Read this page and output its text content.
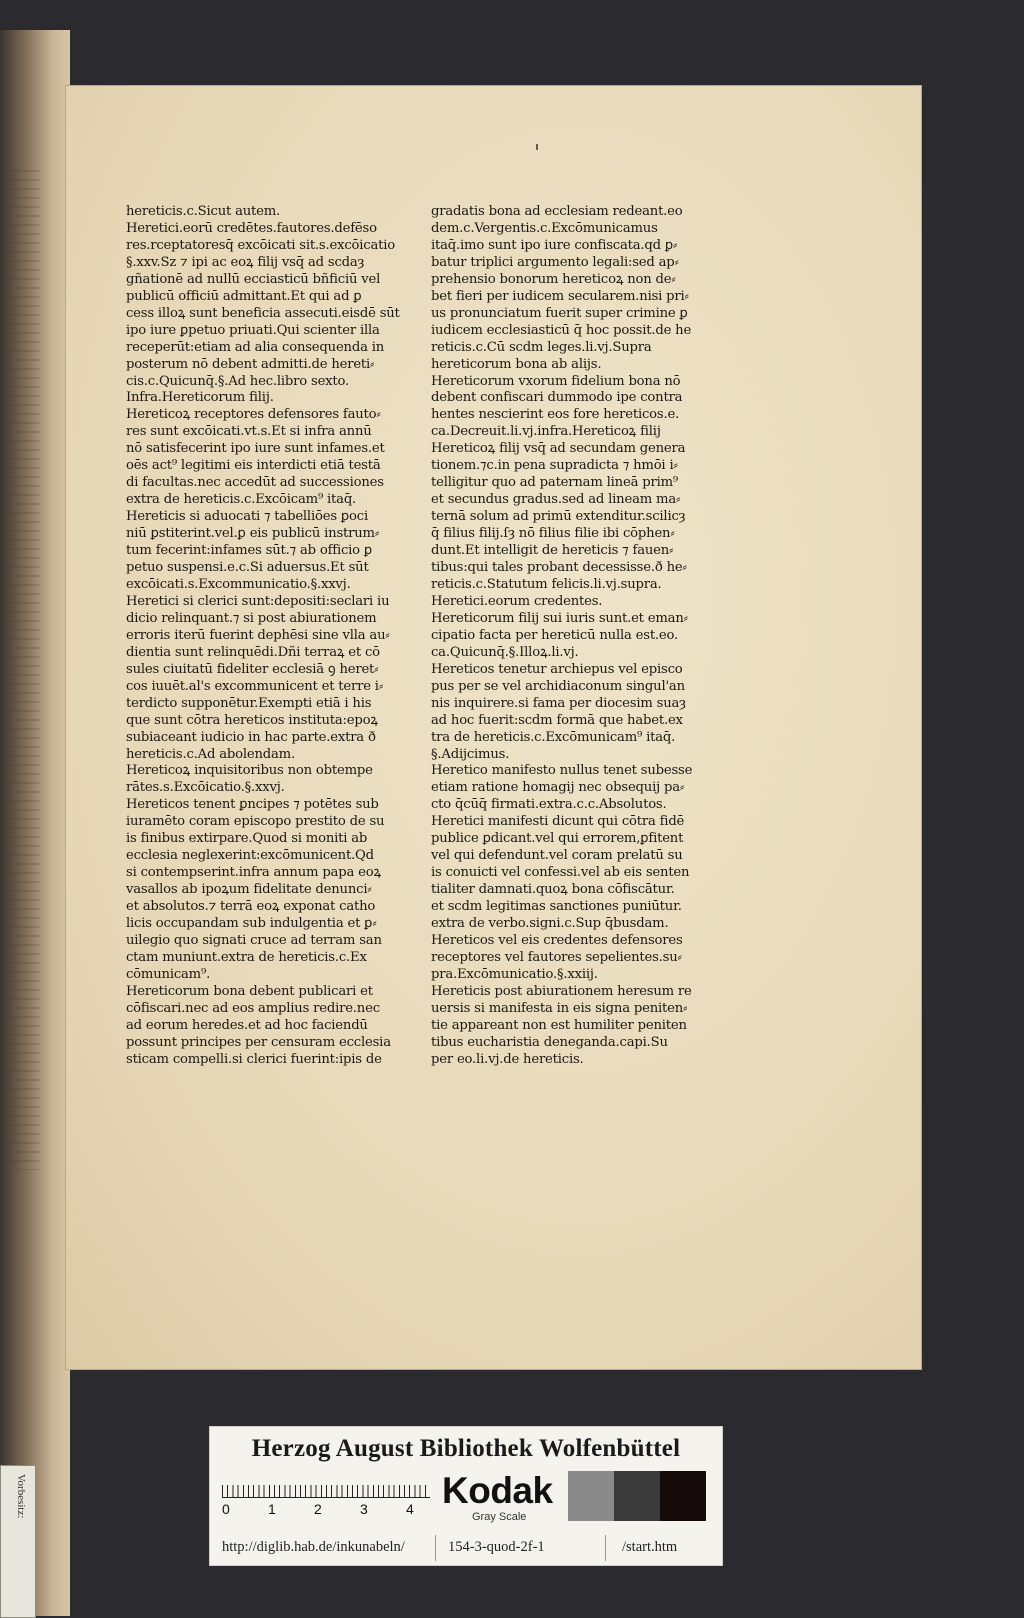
hereticis.c.Sicut autem.
Heretici.eorū credētes.fautores.defēso
res.rceptatoresq̄ excōicati sit.s.excōicatio
§.xxv.Sz ⁊ ipi ac eoꝝ filij vsq̄ ad scḋaȝ
gñationē ad nullū ecciasticū bñficiū vel
publicū officiū admittant.Et qui ad ꝑ
cess illoꝝ sunt beneficia assecuti.eisdē sūt
ipo iure ꝑpetuo priuati.Qui scienter illa
receperūt:etiam ad alia consequenda in
posterum nō debent admitti.de hereti⸗
cis.c.Quicunq̄.§.Ad hec.libro sexto.
Infra.Hereticorum filij.
Hereticoꝝ receptores defensores fauto⸗
res sunt excōicati.vt.s.Et si infra annū
nō satisfecerint ipo iure sunt infames.et
oēs act⁹ legitimi eis interdicti etiā testā
di facultas.nec accedūt ad successiones
extra de hereticis.c.Excōicam⁹ itaq̄.
Hereticis si aduocati ⁊ tabelliōes ꝑoci
niū ꝑstiterint.vel.ꝑ eis publicū instrum⸗
tum fecerint:infames sūt.⁊ ab officio ꝑ
petuo suspensi.e.c.Si aduersus.Et sūt
excōicati.s.Excommunicatio.§.xxvj.
Heretici si clerici sunt:depositi:seclari iu
dicio relinquant.⁊ si post abiurationem
erroris iterū fuerint dephēsi sine vlla au⸗
dientia sunt relinquēdi.Dñi terraꝝ et cō
sules ciuitatū fideliter ecclesiā ꝯ heret⸗
cos iuuēt.al's excommunicent et terre i⸗
terdicto supponētur.Exempti etiā i his
que sunt cōtra hereticos instituta:epoꝝ
subiaceant iudicio in hac parte.extra ð
hereticis.c.Ad abolendam.
Hereticoꝝ inquisitoribus non obtempe
rātes.s.Excōicatio.§.xxvj.
Hereticos tenent ꝑncipes ⁊ potētes sub
iuramēto coram episcopo prestito de su
is finibus extirpare.Quod si moniti ab
ecclesia neglexerint:excōmunicent.Qḋ
si contempserint.infra annum papa eoꝝ
vasallos ab ipoꝝum fidelitate denunci⸗
et absolutos.⁊ terrā eoꝝ exponat catho
licis occupandam sub indulgentia et ꝑ⸗
uilegio quo signati cruce ad terram san
ctam muniunt.extra de hereticis.c.Ex
cōmunicam⁹.
Hereticorum bona debent publicari et
cōfiscari.nec ad eos amplius redire.nec
ad eorum heredes.et ad hoc faciendū
possunt principes per censuram ecclesia
sticam compelli.si clerici fuerint:ipis de
gradatis bona ad ecclesiam redeant.eo
dem.c.Vergentis.c.Excōmunicamus
itaq̄.imo sunt ipo iure confiscata.qḋ ꝑ⸗
batur triplici argumento legali:sed ap⸗
prehensio bonorum hereticoꝝ non de⸗
bet fieri per iudicem secularem.nisi pri⸗
us pronunciatum fuerit super crimine ꝑ
iudicem ecclesiasticū q̄ hoc possit.de he
reticis.c.Cū scḋm leges.li.vj.Supra
hereticorum bona ab alijs.
Hereticorum vxorum fidelium bona nō
debent confiscari dummodo ipe contra
hentes nescierint eos fore hereticos.e.
ca.Decreuit.li.vj.infra.Hereticoꝝ filij
Hereticoꝝ filij vsq̄ ad secundam genera
tionem.⁊c.in pena supradicta ⁊ hmōi i⸗
telligitur quo ad paternam lineā prim⁹
et secundus gradus.sed ad lineam ma⸗
ternā solum ad primū extenditur.scilicȝ
q̄ filius filij.ſȝ nō filius filie ibi cōphen⸗
dunt.Et intelligit de hereticis ⁊ fauen⸗
tibus:qui tales probant decessisse.ð he⸗
reticis.c.Statutum felicis.li.vj.supra.
Heretici.eorum credentes.
Hereticorum filij sui iuris sunt.et eman⸗
cipatio facta per hereticū nulla est.eo.
ca.Quicunq̄.§.Illoꝝ.li.vj.
Hereticos tenetur archiepus vel episco
pus per se vel archidiaconum singul'an
nis inquirere.si fama per diocesim suaȝ
ad hoc fuerit:scḋm formā que habet.ex
tra de hereticis.c.Excōmunicam⁹ itaq̄.
§.Adijcimus.
Heretico manifesto nullus tenet subesse
etiam ratione homagij nec obsequij pa⸗
cto q̄cūq̄ firmati.extra.c.c.Absolutos.
Heretici manifesti dicunt qui cōtra fidē
publice ꝑdicant.vel qui errorem,ꝑfitent
vel qui defendunt.vel coram prelatū su
is conuicti vel confessi.vel ab eis senten
tialiter damnati.quoꝝ bona cōfiscātur.
et scḋm legitimas sanctiones puniūtur.
extra de verbo.signi.c.Sup q̄busdam.
Hereticos vel eis credentes defensores
receptores vel fautores sepelientes.su⸗
pra.Excōmunicatio.§.xxiij.
Hereticis post abiurationem heresum re
uersis si manifesta in eis signa peniten⸗
tie appareant non est humiliter peniten
tibus eucharistia deneganda.capi.Su
per eo.li.vj.de hereticis.
Vorbesitz:
Herzog August Bibliothek Wolfenbüttel
0	1	2	3	4 Kodak
Gray Scale
http://diglib.hab.de/inkunabeln/	154-3-quod-2f-1	/start.htm
